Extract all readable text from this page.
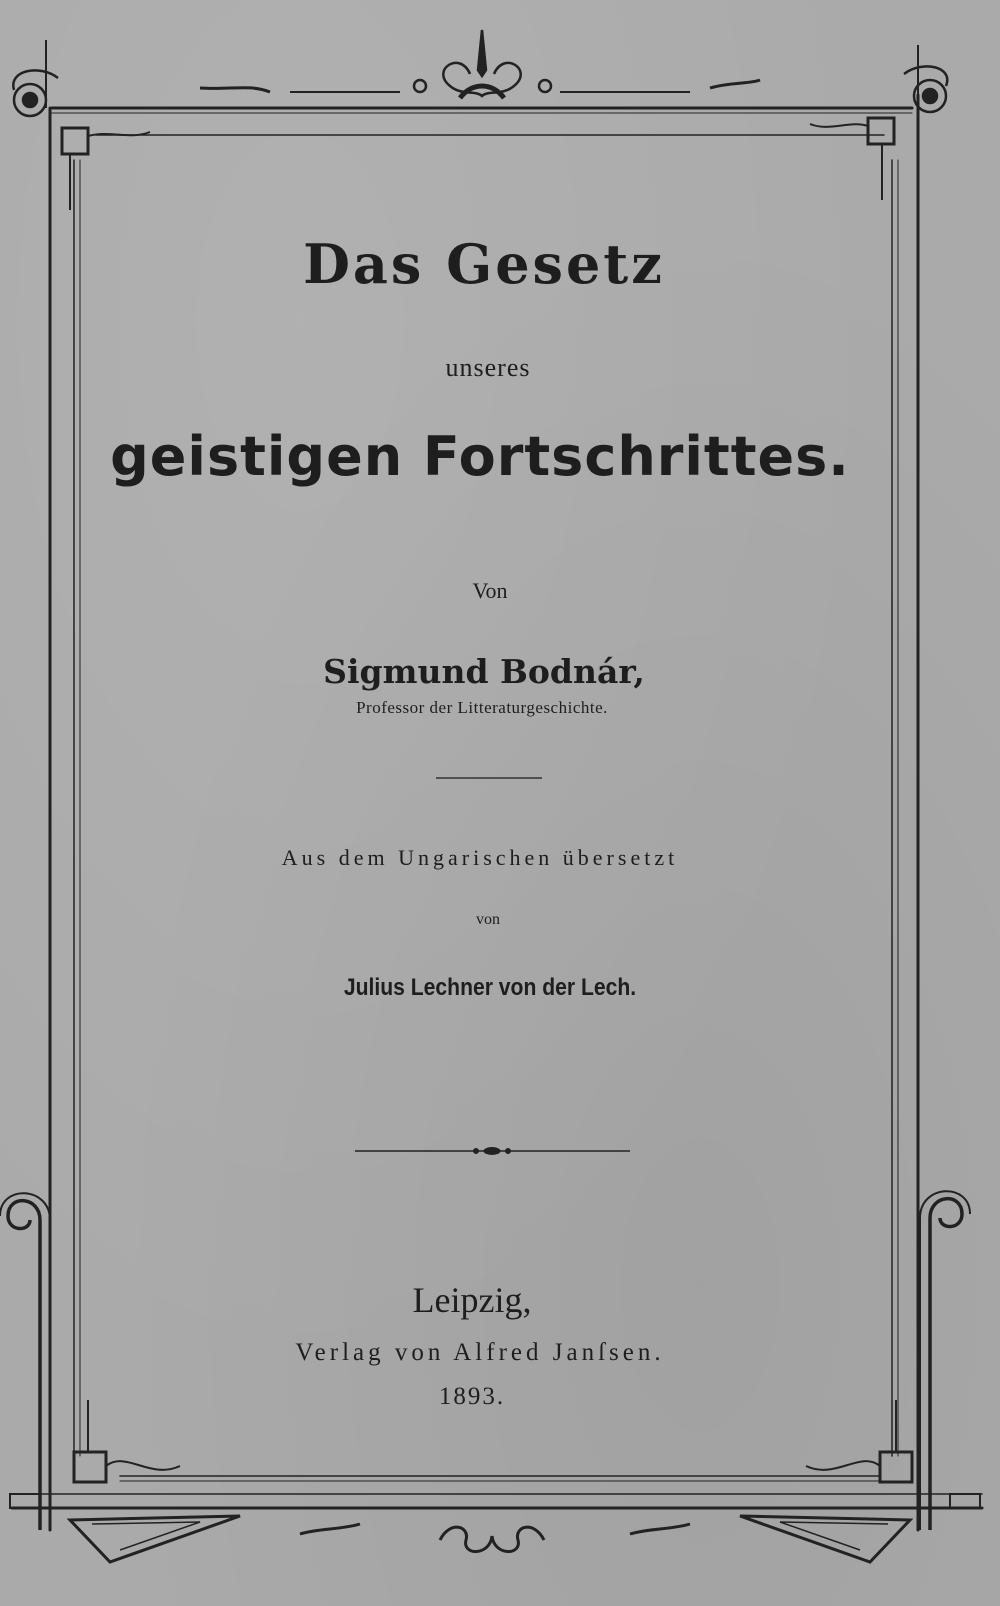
Das Gesetz

unseres

geistigen Fortschrittes.

Von

Sigmund Bodnár,

Professor der Litteraturgeschichte.

Aus dem Ungarischen übersetzt

von

Julius Lechner von der Lech.

Leipzig,

Verlag von Alfred Janſsen.

1893.
